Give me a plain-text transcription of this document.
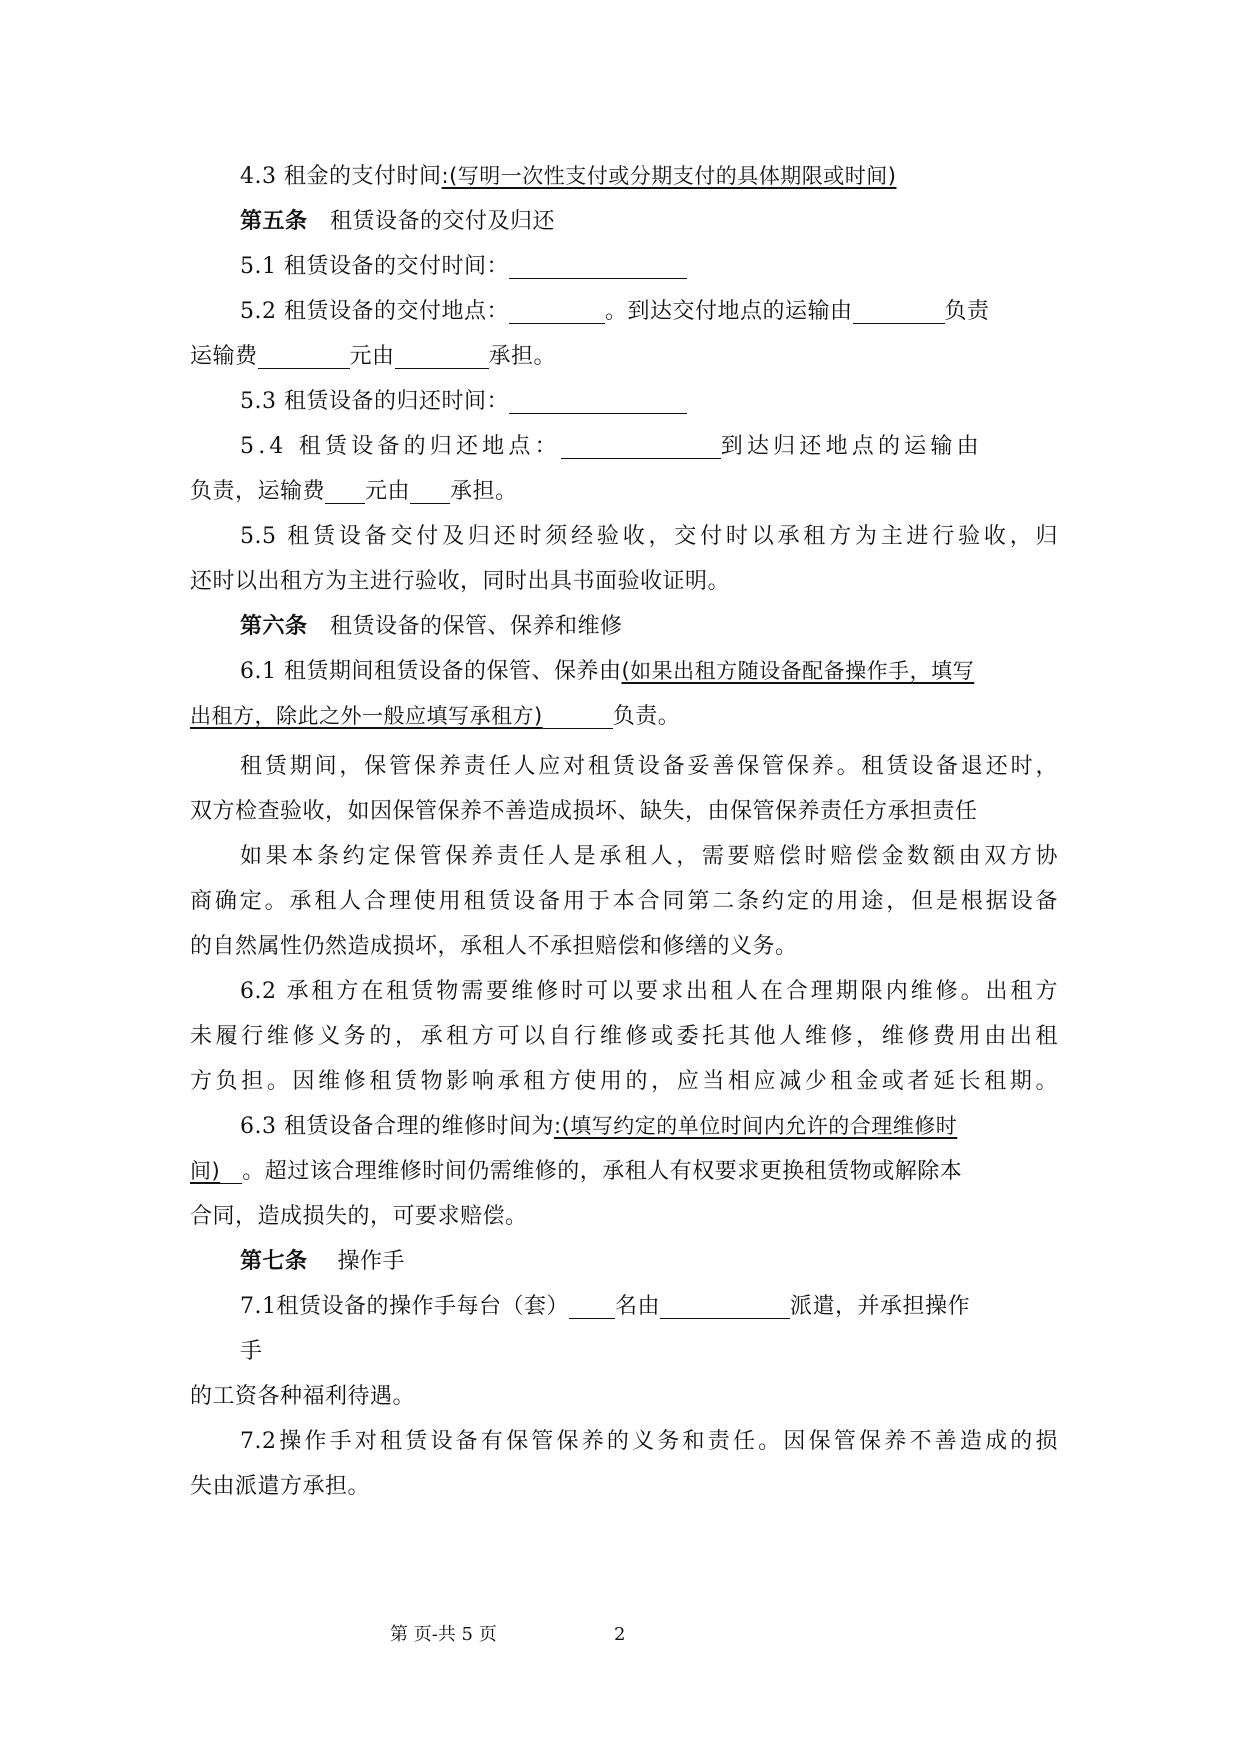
4.3 租金的支付时间:(写明一次性支付或分期支付的具体期限或时间)
第五条 租赁设备的交付及归还
5.1 租赁设备的交付时间：
5.2 租赁设备的交付地点：	。到达交付地点的运输由	负责
运输费	元由	承担。
5.3 租赁设备的归还时间：
5.4 租赁设备的归还地点：	到达归还地点的运输由
负责，运输费 元由 承担。
5.5 租赁设备交付及归还时须经验收，交付时以承租方为主进行验收，归
还时以出租方为主进行验收，同时出具书面验收证明。
第六条 租赁设备的保管、保养和维修
6.1 租赁期间租赁设备的保管、保养由(如果出租方随设备配备操作手，填写
出租方，除此之外一般应填写承租方)	负责。
租赁期间，保管保养责任人应对租赁设备妥善保管保养。租赁设备退还时，
双方检查验收，如因保管保养不善造成损坏、缺失，由保管保养责任方承担责任
如果本条约定保管保养责任人是承租人，需要赔偿时赔偿金数额由双方协
商确定。承租人合理使用租赁设备用于本合同第二条约定的用途，但是根据设备
的自然属性仍然造成损坏，承租人不承担赔偿和修缮的义务。
6.2 承租方在租赁物需要维修时可以要求出租人在合理期限内维修。出租方
未履行维修义务的，承租方可以自行维修或委托其他人维修，维修费用由出租
方负担。因维修租赁物影响承租方使用的，应当相应减少租金或者延长租期。
6.3 租赁设备合理的维修时间为:(填写约定的单位时间内允许的合理维修时
间) 。超过该合理维修时间仍需维修的，承租人有权要求更换租赁物或解除本
合同，造成损失的，可要求赔偿。
第七条 操作手
7.1租赁设备的操作手每台（套） 名由	派遣，并承担操作
手
的工资各种福利待遇。
7.2操作手对租赁设备有保管保养的义务和责任。因保管保养不善造成的损
失由派遣方承担。
第 页-共 5 页	2
